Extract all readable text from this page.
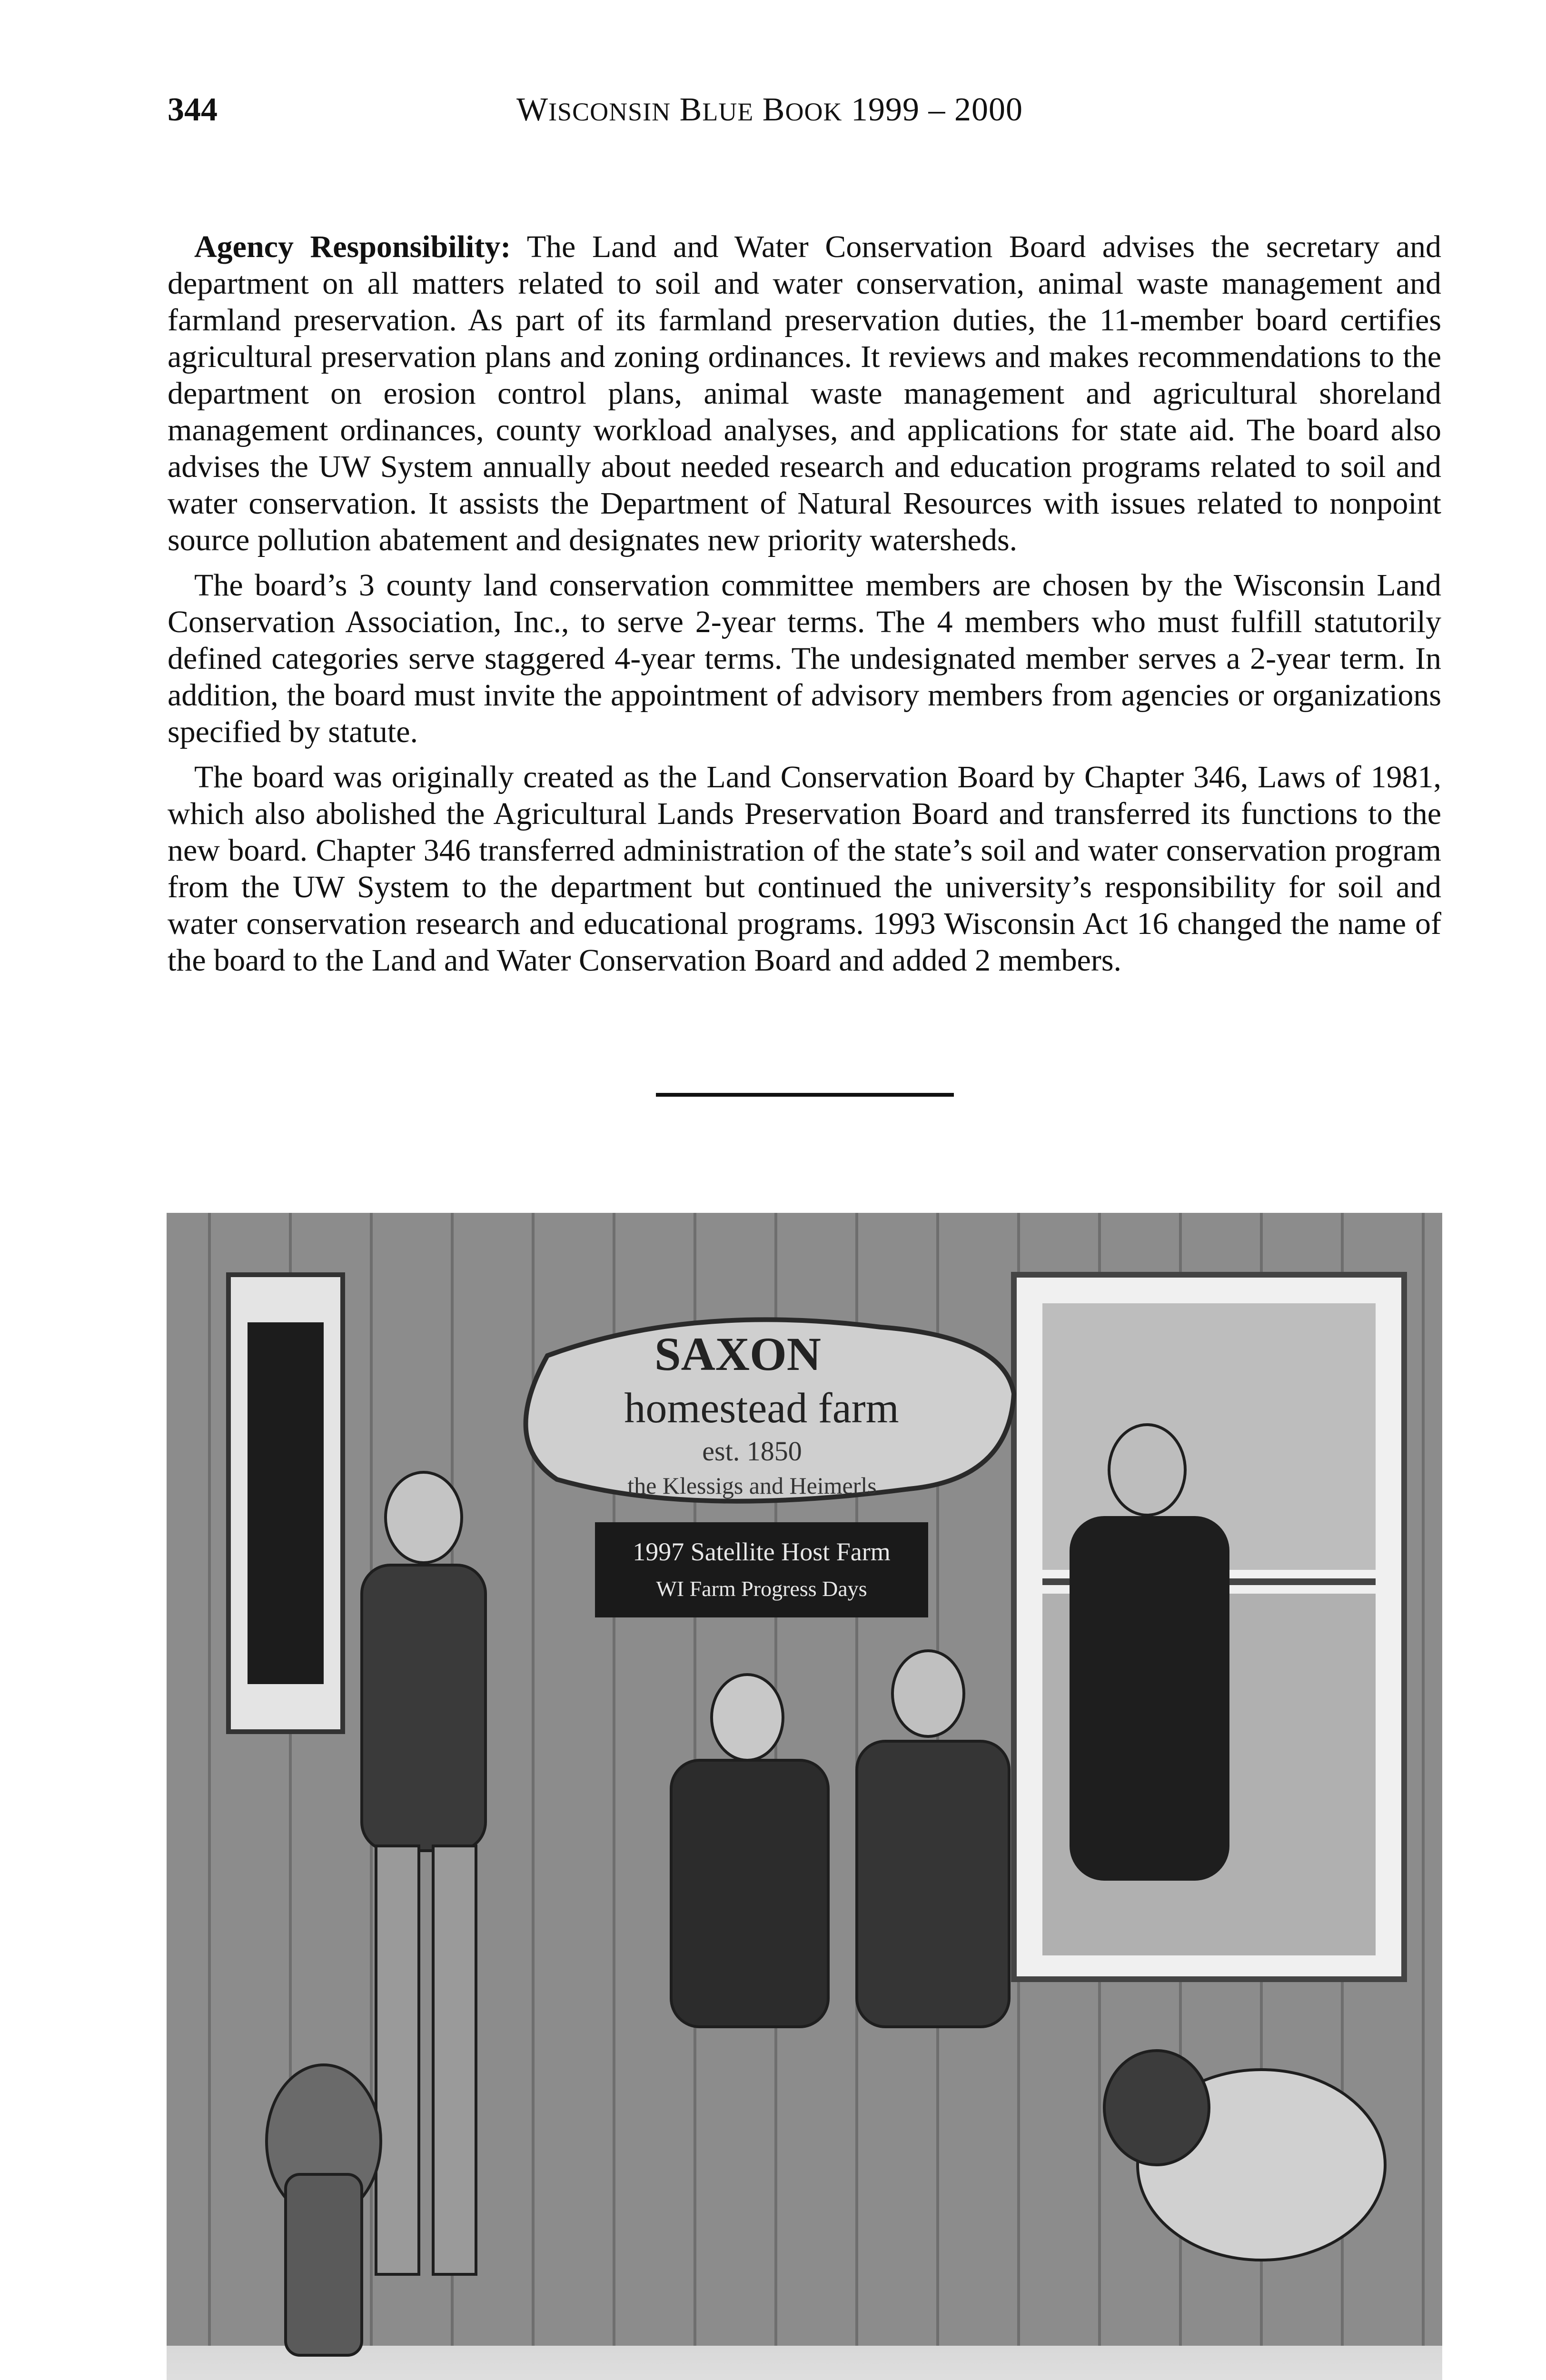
344	WISCONSIN BLUE BOOK 1999 – 2000

Agency Responsibility: The Land and Water Conservation Board advises the secretary and department on all matters related to soil and water conservation, animal waste management and farmland preservation. As part of its farmland preservation duties, the 11-member board certifies agricultural preservation plans and zoning ordinances. It reviews and makes recommendations to the department on erosion control plans, animal waste management and agricultural shoreland management ordinances, county workload analyses, and applications for state aid. The board also advises the UW System annually about needed research and education programs related to soil and water conservation. It assists the Department of Natural Resources with issues related to nonpoint source pollution abatement and designates new priority watersheds.

The board’s 3 county land conservation committee members are chosen by the Wisconsin Land Conservation Association, Inc., to serve 2-year terms. The 4 members who must fulfill statutorily defined categories serve staggered 4-year terms. The undesignated member serves a 2-year term. In addition, the board must invite the appointment of advisory members from agencies or organizations specified by statute.

The board was originally created as the Land Conservation Board by Chapter 346, Laws of 1981, which also abolished the Agricultural Lands Preservation Board and transferred its functions to the new board. Chapter 346 transferred administration of the state’s soil and water conservation program from the UW System to the department but continued the university’s responsibility for soil and water conservation research and educational programs. 1993 Wisconsin Act 16 changed the name of the board to the Land and Water Conservation Board and added 2 members.

SAXON
homestead farm
est. 1850
the Klessigs and Heimerls
1997 Satellite Host Farm
WI Farm Progress Days
